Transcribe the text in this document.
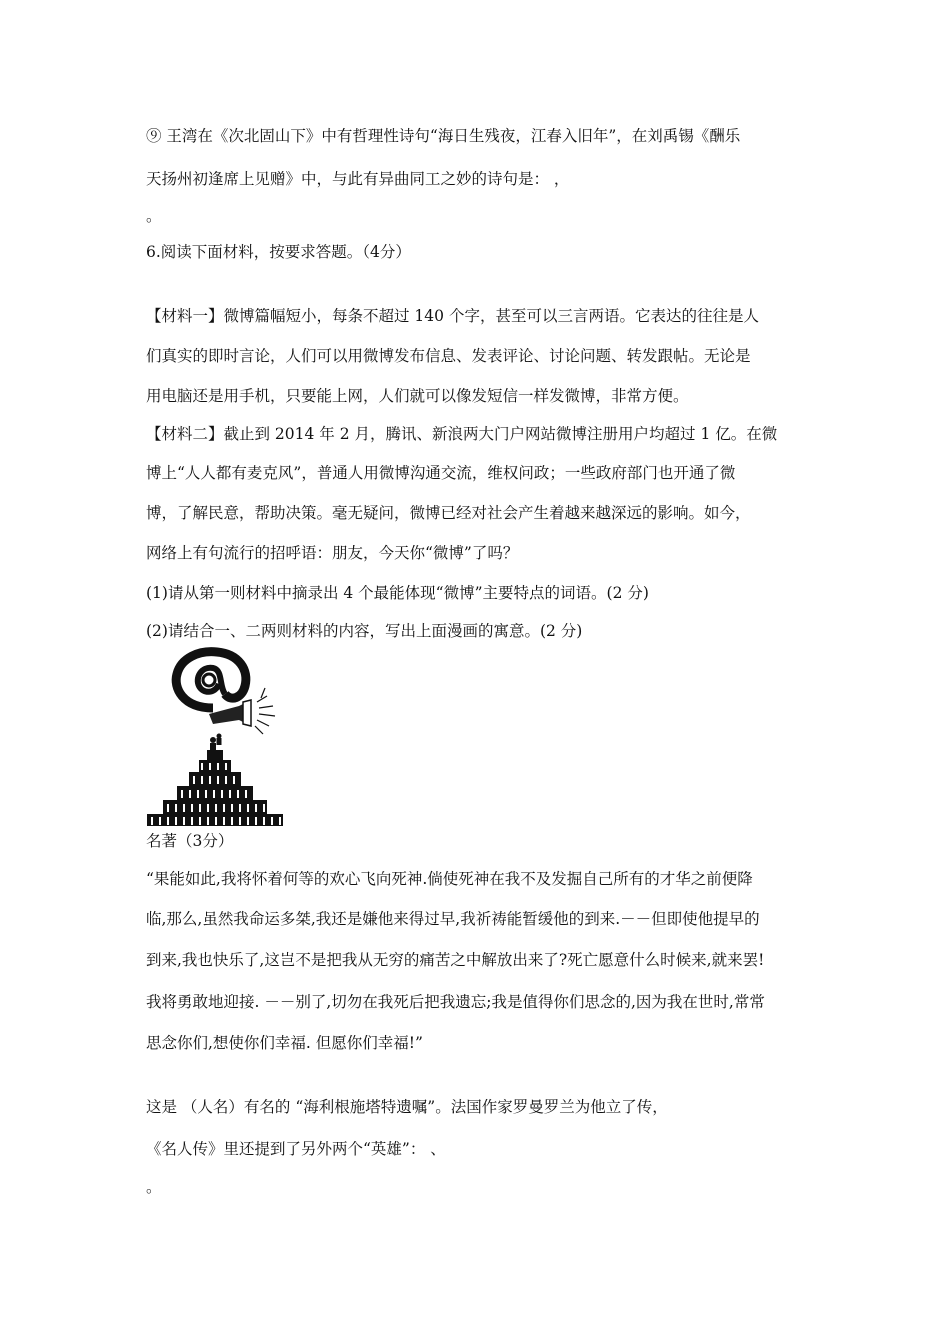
⑨ 王湾在《次北固山下》中有哲理性诗句“海日生残夜，江春入旧年”，在刘禹锡《酬乐
天扬州初逢席上见赠》中，与此有异曲同工之妙的诗句是： ，
。
6.阅读下面材料，按要求答题。（4分）
【材料一】微博篇幅短小，每条不超过 140 个字，甚至可以三言两语。它表达的往往是人
们真实的即时言论，人们可以用微博发布信息、发表评论、讨论问题、转发跟帖。无论是
用电脑还是用手机，只要能上网，人们就可以像发短信一样发微博，非常方便。
【材料二】截止到 2014 年 2 月，腾讯、新浪两大门户网站微博注册用户均超过 1 亿。在微
博上“人人都有麦克风”，普通人用微博沟通交流，维权问政；一些政府部门也开通了微
博，了解民意，帮助决策。毫无疑问，微博已经对社会产生着越来越深远的影响。如今，
网络上有句流行的招呼语：朋友，今天你“微博”了吗？
(1)请从第一则材料中摘录出 4 个最能体现“微博”主要特点的词语。(2 分)
(2)请结合一、二两则材料的内容，写出上面漫画的寓意。(2 分)
名著（3分）
“果能如此,我将怀着何等的欢心飞向死神.倘使死神在我不及发掘自己所有的才华之前便降
临,那么,虽然我命运多桀,我还是嫌他来得过早,我祈祷能暂缓他的到来.－－但即使他提早的
到来,我也快乐了,这岂不是把我从无穷的痛苦之中解放出来了?死亡愿意什么时候来,就来罢!
我将勇敢地迎接. －－别了,切勿在我死后把我遗忘;我是值得你们思念的,因为我在世时,常常
思念你们,想使你们幸福. 但愿你们幸福!”
这是 （人名）有名的 “海利根施塔特遗嘱”。法国作家罗曼罗兰为他立了传，
《名人传》里还提到了另外两个“英雄”： 、
。
